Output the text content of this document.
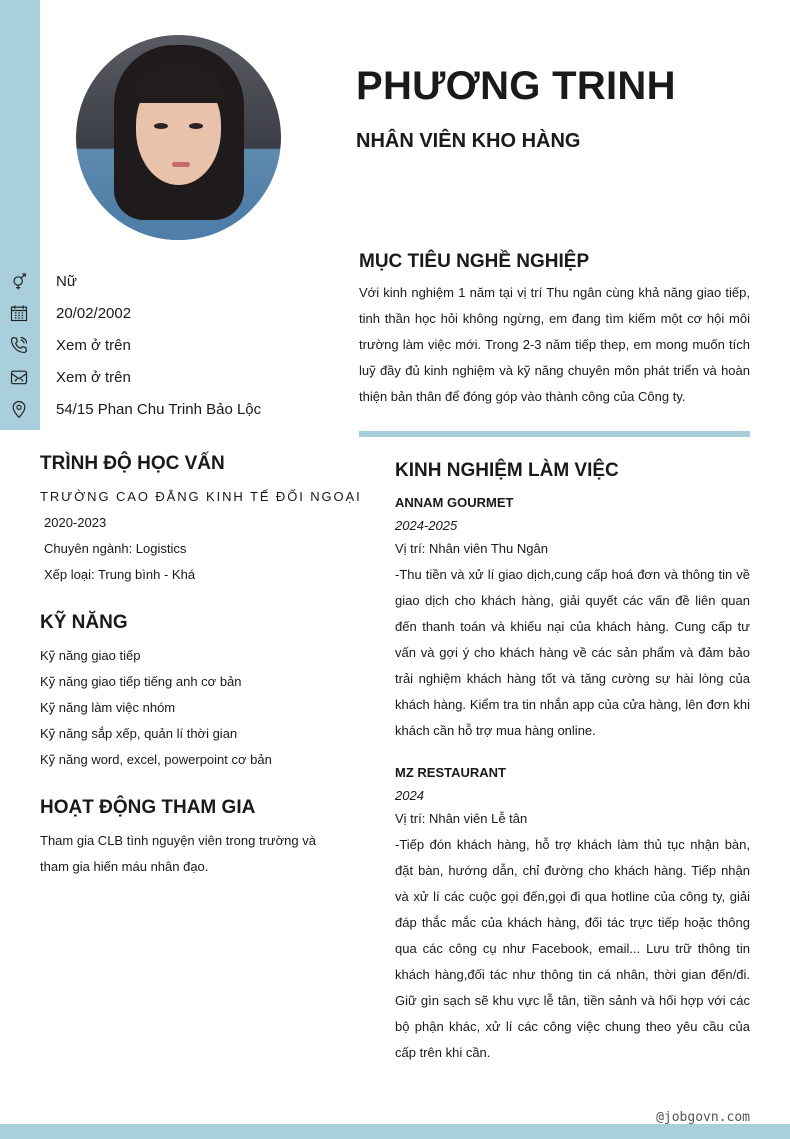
PHƯƠNG TRINH
NHÂN VIÊN KHO HÀNG
Nữ
20/02/2002
Xem ở trên
Xem ở trên
54/15 Phan Chu Trinh Bảo Lộc
MỤC TIÊU NGHỀ NGHIỆP

Với kinh nghiệm 1 năm tại vị trí Thu ngân cùng khả năng giao tiếp, tinh thần học hỏi không ngừng, em đang tìm kiếm một cơ hội môi trường làm việc mới. Trong 2-3 năm tiếp thep, em mong muốn tích luỹ đầy đủ kinh nghiệm và kỹ năng chuyên môn phát triển và hoàn thiện bản thân để đóng góp vào thành công của Công ty.

TRÌNH ĐỘ HỌC VẤN

TRƯỜNG CAO ĐẲNG KINH TẾ ĐỐI NGOẠI

2020-2023

Chuyên ngành: Logistics

Xếp loại: Trung bình - Khá

KỸ NĂNG

Kỹ năng giao tiếp

Kỹ năng giao tiếp tiếng anh cơ bản

Kỹ năng làm việc nhóm

Kỹ năng sắp xếp, quản lí thời gian

Kỹ năng word, excel, powerpoint cơ bản

HOẠT ĐỘNG THAM GIA

Tham gia CLB tình nguyện viên trong trường và tham gia hiến máu nhân đạo.

KINH NGHIỆM LÀM VIỆC

ANNAM GOURMET

2024-2025

Vị trí: Nhân viên Thu Ngân

-Thu tiền và xử lí giao dịch,cung cấp hoá đơn và thông tin về giao dịch cho khách hàng, giải quyết các vấn đề liên quan đến thanh toán và khiếu nại của khách hàng. Cung cấp tư vấn và gợi ý cho khách hàng về các sản phẩm và đảm bảo trải nghiệm khách hàng tốt và tăng cường sự hài lòng của khách hàng. Kiểm tra tin nhắn app của cửa hàng, lên đơn khi khách cần hỗ trợ mua hàng online.

MZ RESTAURANT

2024

Vị trí: Nhân viên Lễ tân

-Tiếp đón khách hàng, hỗ trợ khách làm thủ tục nhận bàn, đặt bàn, hướng dẫn, chỉ đường cho khách hàng. Tiếp nhận và xử lí các cuộc gọi đến,gọi đi qua hotline của công ty, giải đáp thắc mắc của khách hàng, đối tác trực tiếp hoặc thông qua các công cụ như Facebook, email... Lưu trữ thông tin khách hàng,đối tác như thông tin cá nhân, thời gian đến/đi. Giữ gìn sạch sẽ khu vực lễ tân, tiền sảnh và hối hợp với các bộ phận khác, xử lí các công việc chung theo yêu cầu của cấp trên khi cần.

@jobgovn.com
